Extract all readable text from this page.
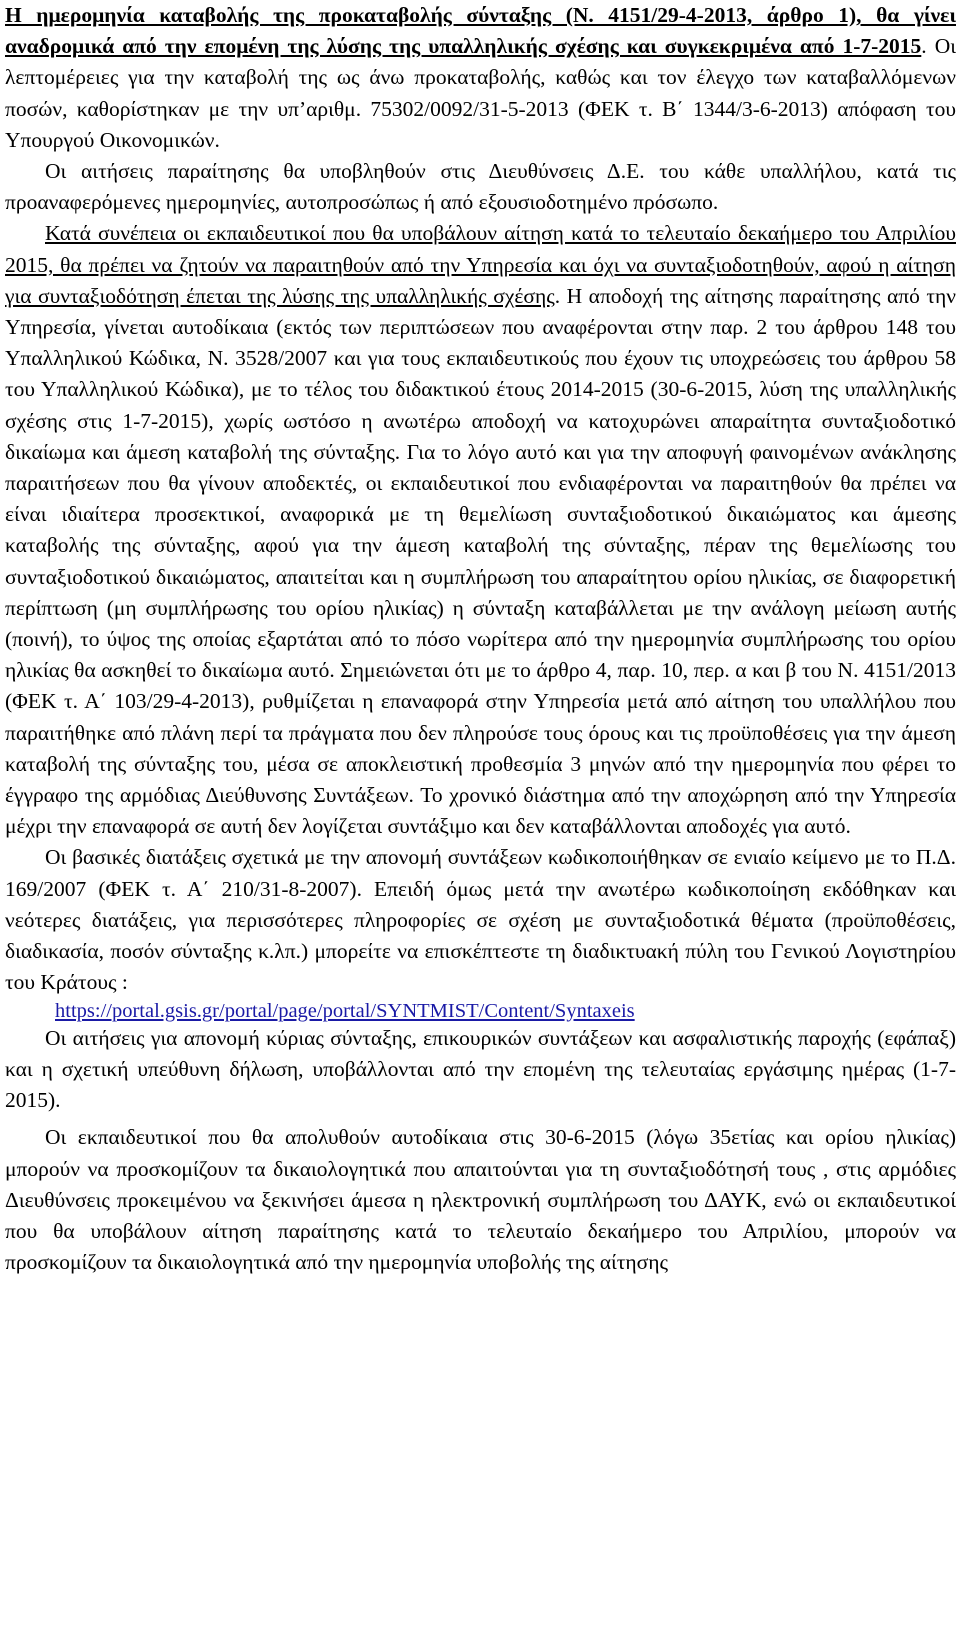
Η ημερομηνία καταβολής της προκαταβολής σύνταξης (Ν. 4151/29-4-2013, άρθρο 1), θα γίνει αναδρομικά από την επομένη της λύσης της υπαλληλικής σχέσης και συγκεκριμένα από 1-7-2015. Οι λεπτομέρειες για την καταβολή της ως άνω προκαταβολής, καθώς και τον έλεγχο των καταβαλλόμενων ποσών, καθορίστηκαν με την υπ’αριθμ. 75302/0092/31-5-2013 (ΦΕΚ τ. Β΄ 1344/3-6-2013) απόφαση του Υπουργού Οικονομικών.

Οι αιτήσεις παραίτησης θα υποβληθούν στις Διευθύνσεις Δ.Ε. του κάθε υπαλλήλου, κατά τις προαναφερόμενες ημερομηνίες, αυτοπροσώπως ή από εξουσιοδοτημένο πρόσωπο.

Κατά συνέπεια οι εκπαιδευτικοί που θα υποβάλουν αίτηση κατά το τελευταίο δεκαήμερο του Απριλίου 2015, θα πρέπει να ζητούν να παραιτηθούν από την Υπηρεσία και όχι να συνταξιοδοτηθούν, αφού η αίτηση για συνταξιοδότηση έπεται της λύσης της υπαλληλικής σχέσης. Η αποδοχή της αίτησης παραίτησης από την Υπηρεσία, γίνεται αυτοδίκαια (εκτός των περιπτώσεων που αναφέρονται στην παρ. 2 του άρθρου 148 του Υπαλληλικού Κώδικα, Ν. 3528/2007 και για τους εκπαιδευτικούς που έχουν τις υποχρεώσεις του άρθρου 58 του Υπαλληλικού Κώδικα), με το τέλος του διδακτικού έτους 2014-2015 (30-6-2015, λύση της υπαλληλικής σχέσης στις 1-7-2015), χωρίς ωστόσο η ανωτέρω αποδοχή να κατοχυρώνει απαραίτητα συνταξιοδοτικό δικαίωμα και άμεση καταβολή της σύνταξης. Για το λόγο αυτό και για την αποφυγή φαινομένων ανάκλησης παραιτήσεων που θα γίνουν αποδεκτές, οι εκπαιδευτικοί που ενδιαφέρονται να παραιτηθούν θα πρέπει να είναι ιδιαίτερα προσεκτικοί, αναφορικά με τη θεμελίωση συνταξιοδοτικού δικαιώματος και άμεσης καταβολής της σύνταξης, αφού για την άμεση καταβολή της σύνταξης, πέραν της θεμελίωσης του συνταξιοδοτικού δικαιώματος, απαιτείται και η συμπλήρωση του απαραίτητου ορίου ηλικίας, σε διαφορετική περίπτωση (μη συμπλήρωσης του ορίου ηλικίας) η σύνταξη καταβάλλεται με την ανάλογη μείωση αυτής (ποινή), το ύψος της οποίας εξαρτάται από το πόσο νωρίτερα από την ημερομηνία συμπλήρωσης του ορίου ηλικίας θα ασκηθεί το δικαίωμα αυτό. Σημειώνεται ότι με το άρθρο 4, παρ. 10, περ. α και β του Ν. 4151/2013 (ΦΕΚ τ. Α΄ 103/29-4-2013), ρυθμίζεται η επαναφορά στην Υπηρεσία μετά από αίτηση του υπαλλήλου που παραιτήθηκε από πλάνη περί τα πράγματα που δεν πληρούσε τους όρους και τις προϋποθέσεις για την άμεση καταβολή της σύνταξης του, μέσα σε αποκλειστική προθεσμία 3 μηνών από την ημερομηνία που φέρει το έγγραφο της αρμόδιας Διεύθυνσης Συντάξεων. Το χρονικό διάστημα από την αποχώρηση από την Υπηρεσία μέχρι την επαναφορά σε αυτή δεν λογίζεται συντάξιμο και δεν καταβάλλονται αποδοχές για αυτό.

Οι βασικές διατάξεις σχετικά με την απονομή συντάξεων κωδικοποιήθηκαν σε ενιαίο κείμενο με το Π.Δ. 169/2007 (ΦΕΚ τ. Α΄ 210/31-8-2007). Επειδή όμως μετά την ανωτέρω κωδικοποίηση εκδόθηκαν και νεότερες διατάξεις, για περισσότερες πληροφορίες σε σχέση με συνταξιοδοτικά θέματα (προϋποθέσεις, διαδικασία, ποσόν σύνταξης κ.λπ.) μπορείτε να επισκέπτεστε τη διαδικτυακή πύλη του Γενικού Λογιστηρίου του Κράτους :

https://portal.gsis.gr/portal/page/portal/SYNTMIST/Content/Syntaxeis

Οι αιτήσεις για απονομή κύριας σύνταξης, επικουρικών συντάξεων και ασφαλιστικής παροχής (εφάπαξ) και η σχετική υπεύθυνη δήλωση, υποβάλλονται από την επομένη της τελευταίας εργάσιμης ημέρας (1-7-2015).

Οι εκπαιδευτικοί που θα απολυθούν αυτοδίκαια στις 30-6-2015 (λόγω 35ετίας και ορίου ηλικίας) μπορούν να προσκομίζουν τα δικαιολογητικά που απαιτούνται για τη συνταξιοδότησή τους , στις αρμόδιες Διευθύνσεις προκειμένου να ξεκινήσει άμεσα η ηλεκτρονική συμπλήρωση του ΔΑΥΚ, ενώ οι εκπαιδευτικοί που θα υποβάλουν αίτηση παραίτησης κατά το τελευταίο δεκαήμερο του Απριλίου, μπορούν να προσκομίζουν τα δικαιολογητικά από την ημερομηνία υποβολής της αίτησης
